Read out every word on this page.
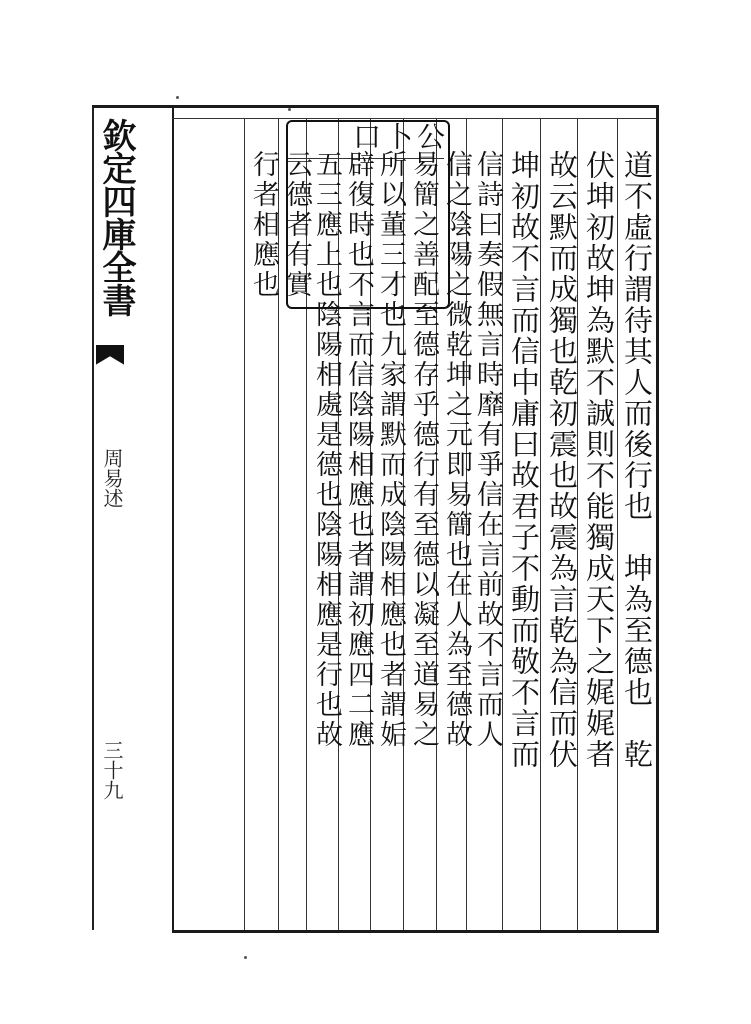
欽定四庫全書
周易述
三十九
公
卜
口
道不虛行謂待其人而後行也　坤為至德也　乾
伏坤初故坤為默不誠則不能獨成天下之娓娓者
故云默而成獨也乾初震也故震為言乾為信而伏
坤初故不言而信中庸曰故君子不動而敬不言而
信詩曰奏假無言時靡有爭信在言前故不言而人
信之陰陽之微乾坤之元即易簡也在人為至德故
易簡之善配至德存乎德行有至德以凝至道易之
所以董三才也九家謂默而成陰陽相應也者謂姤
辟復時也不言而信陰陽相應也者謂初應四二應
五三應上也陰陽相處是德也陰陽相應是行也故
云德者有實
行者相應也
